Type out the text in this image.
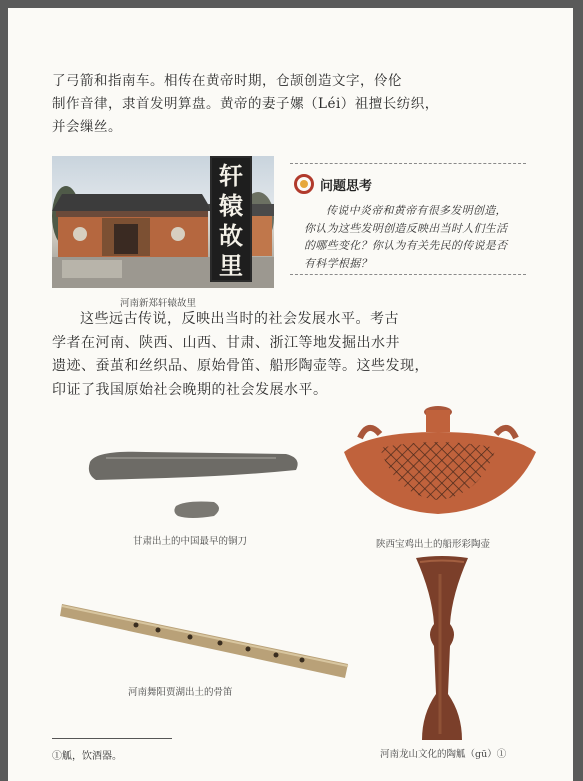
了弓箭和指南车。相传在黄帝时期，仓颉创造文字，伶伦
制作音律，隶首发明算盘。黄帝的妻子嫘（Léi）祖擅长纺织，
并会缫丝。
轩
辕
故
里
河南新郑轩辕故里
问题思考
传说中炎帝和黄帝有很多发明创造，
你认为这些发明创造反映出当时人们生活
的哪些变化？你认为有关先民的传说是否
有科学根据？
这些远古传说，反映出当时的社会发展水平。考古
学者在河南、陕西、山西、甘肃、浙江等地发掘出水井
遗迹、蚕茧和丝织品、原始骨笛、船形陶壶等。这些发现，
印证了我国原始社会晚期的社会发展水平。
甘肃出土的中国最早的铜刀	陕西宝鸡出土的船形彩陶壶
河南舞阳贾湖出土的骨笛
河南龙山文化的陶觚（gū）①
①觚，饮酒器。
